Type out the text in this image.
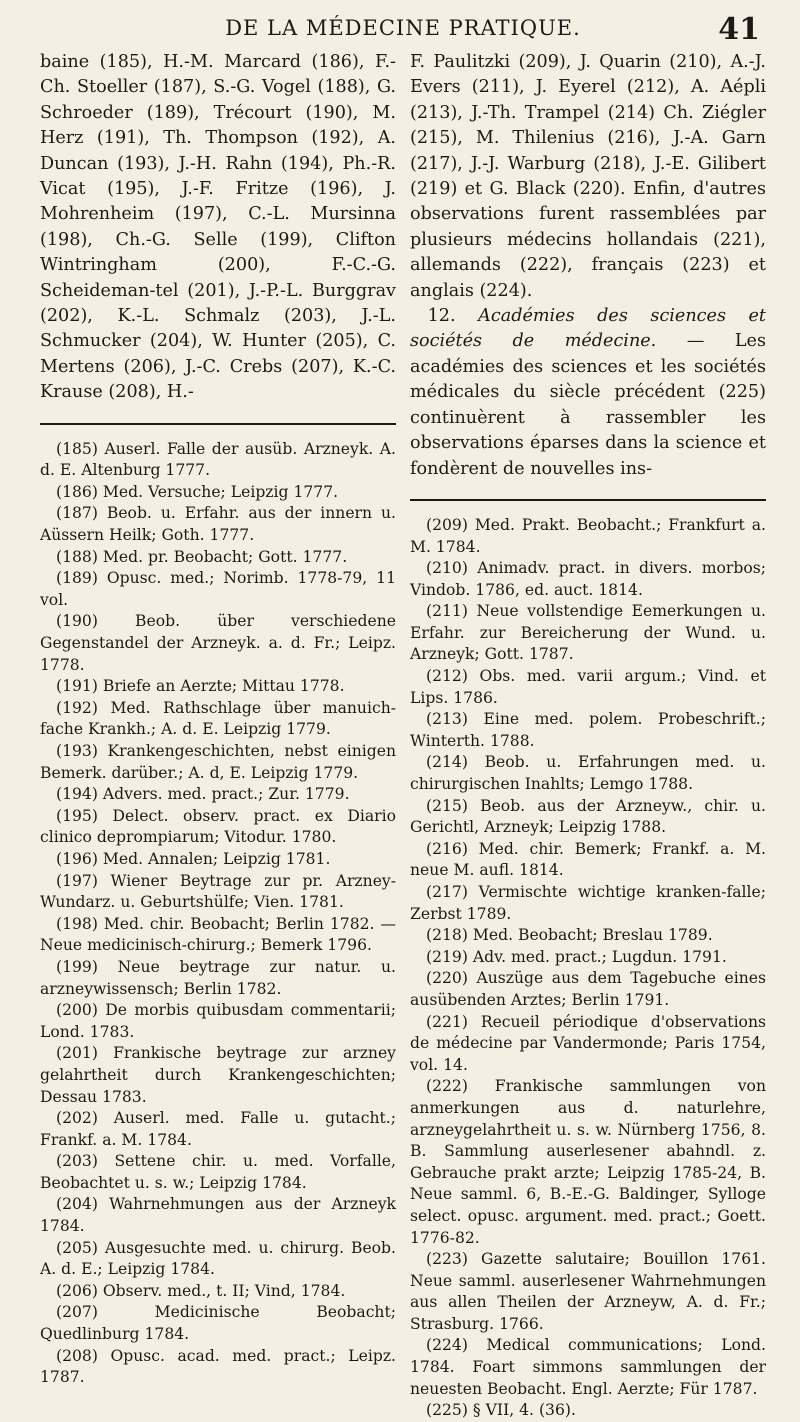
DE LA MÉDECINE PRATIQUE.	41

baine (185), H.-M. Marcard (186), F.-Ch. Stoeller (187), S.-G. Vogel (188), G. Schroeder (189), Trécourt (190), M. Herz (191), Th. Thompson (192), A. Duncan (193), J.-H. Rahn (194), Ph.-R. Vicat (195), J.-F. Fritze (196), J. Mohrenheim (197), C.-L. Mursinna (198), Ch.-G. Selle (199), Clifton Wintringham (200), F.-C.-G. Scheideman-tel (201), J.-P.-L. Burggrav (202), K.-L. Schmalz (203), J.-L. Schmucker (204), W. Hunter (205), C. Mertens (206), J.-C. Crebs (207), K.-C. Krause (208), H.-

(185) Auserl. Falle der ausüb. Arzneyk. A. d. E. Altenburg 1777.

(186) Med. Versuche; Leipzig 1777.

(187) Beob. u. Erfahr. aus der innern u. Aüssern Heilk; Goth. 1777.

(188) Med. pr. Beobacht; Gott. 1777.

(189) Opusc. med.; Norimb. 1778-79, 11 vol.

(190) Beob. über verschiedene Gegenstandel der Arzneyk. a. d. Fr.; Leipz. 1778.

(191) Briefe an Aerzte; Mittau 1778.

(192) Med. Rathschlage über manuich-fache Krankh.; A. d. E. Leipzig 1779.

(193) Krankengeschichten, nebst einigen Bemerk. darüber.; A. d, E. Leipzig 1779.

(194) Advers. med. pract.; Zur. 1779.

(195) Delect. observ. pract. ex Diario clinico deprompiarum; Vitodur. 1780.

(196) Med. Annalen; Leipzig 1781.

(197) Wiener Beytrage zur pr. Arzney-Wundarz. u. Geburtshülfe; Vien. 1781.

(198) Med. chir. Beobacht; Berlin 1782. — Neue medicinisch-chirurg.; Bemerk 1796.

(199) Neue beytrage zur natur. u. arzneywissensch; Berlin 1782.

(200) De morbis quibusdam commentarii; Lond. 1783.

(201) Frankische beytrage zur arzney gelahrtheit durch Krankengeschichten; Dessau 1783.

(202) Auserl. med. Falle u. gutacht.; Frankf. a. M. 1784.

(203) Settene chir. u. med. Vorfalle, Beobachtet u. s. w.; Leipzig 1784.

(204) Wahrnehmungen aus der Arzneyk 1784.

(205) Ausgesuchte med. u. chirurg. Beob. A. d. E.; Leipzig 1784.

(206) Observ. med., t. II; Vind, 1784.

(207) Medicinische Beobacht; Quedlinburg 1784.

(208) Opusc. acad. med. pract.; Leipz. 1787.

F. Paulitzki (209), J. Quarin (210), A.-J. Evers (211), J. Eyerel (212), A. Aépli (213), J.-Th. Trampel (214) Ch. Ziégler (215), M. Thilenius (216), J.-A. Garn (217), J.-J. Warburg (218), J.-E. Gilibert (219) et G. Black (220). Enfin, d'autres observations furent rassemblées par plusieurs médecins hollandais (221), allemands (222), français (223) et anglais (224).
 12. Académies des sciences et sociétés de médecine. — Les académies des sciences et les sociétés médicales du siècle précédent (225) continuèrent à rassembler les observations éparses dans la science et fondèrent de nouvelles ins-

(209) Med. Prakt. Beobacht.; Frankfurt a. M. 1784.

(210) Animadv. pract. in divers. morbos; Vindob. 1786, ed. auct. 1814.

(211) Neue vollstendige Eemerkungen u. Erfahr. zur Bereicherung der Wund. u. Arzneyk; Gott. 1787.

(212) Obs. med. varii argum.; Vind. et Lips. 1786.

(213) Eine med. polem. Probeschrift.; Winterth. 1788.

(214) Beob. u. Erfahrungen med. u. chirurgischen Inahlts; Lemgo 1788.

(215) Beob. aus der Arzneyw., chir. u. Gerichtl, Arzneyk; Leipzig 1788.

(216) Med. chir. Bemerk; Frankf. a. M. neue M. aufl. 1814.

(217) Vermischte wichtige kranken-falle; Zerbst 1789.

(218) Med. Beobacht; Breslau 1789.

(219) Adv. med. pract.; Lugdun. 1791.

(220) Auszüge aus dem Tagebuche eines ausübenden Arztes; Berlin 1791.

(221) Recueil périodique d'observations de médecine par Vandermonde; Paris 1754, vol. 14.

(222) Frankische sammlungen von anmerkungen aus d. naturlehre, arzneygelahrtheit u. s. w. Nürnberg 1756, 8. B. Sammlung auserlesener abahndl. z. Gebrauche prakt arzte; Leipzig 1785-24, B. Neue samml. 6, B.-E.-G. Baldinger, Sylloge select. opusc. argument. med. pract.; Goett. 1776-82.

(223) Gazette salutaire; Bouillon 1761. Neue samml. auserlesener Wahrnehmungen aus allen Theilen der Arzneyw, A. d. Fr.; Strasburg. 1766.

(224) Medical communications; Lond. 1784. Foart simmons sammlungen der neuesten Beobacht. Engl. Aerzte; Für 1787.

(225) § VII, 4. (36).
